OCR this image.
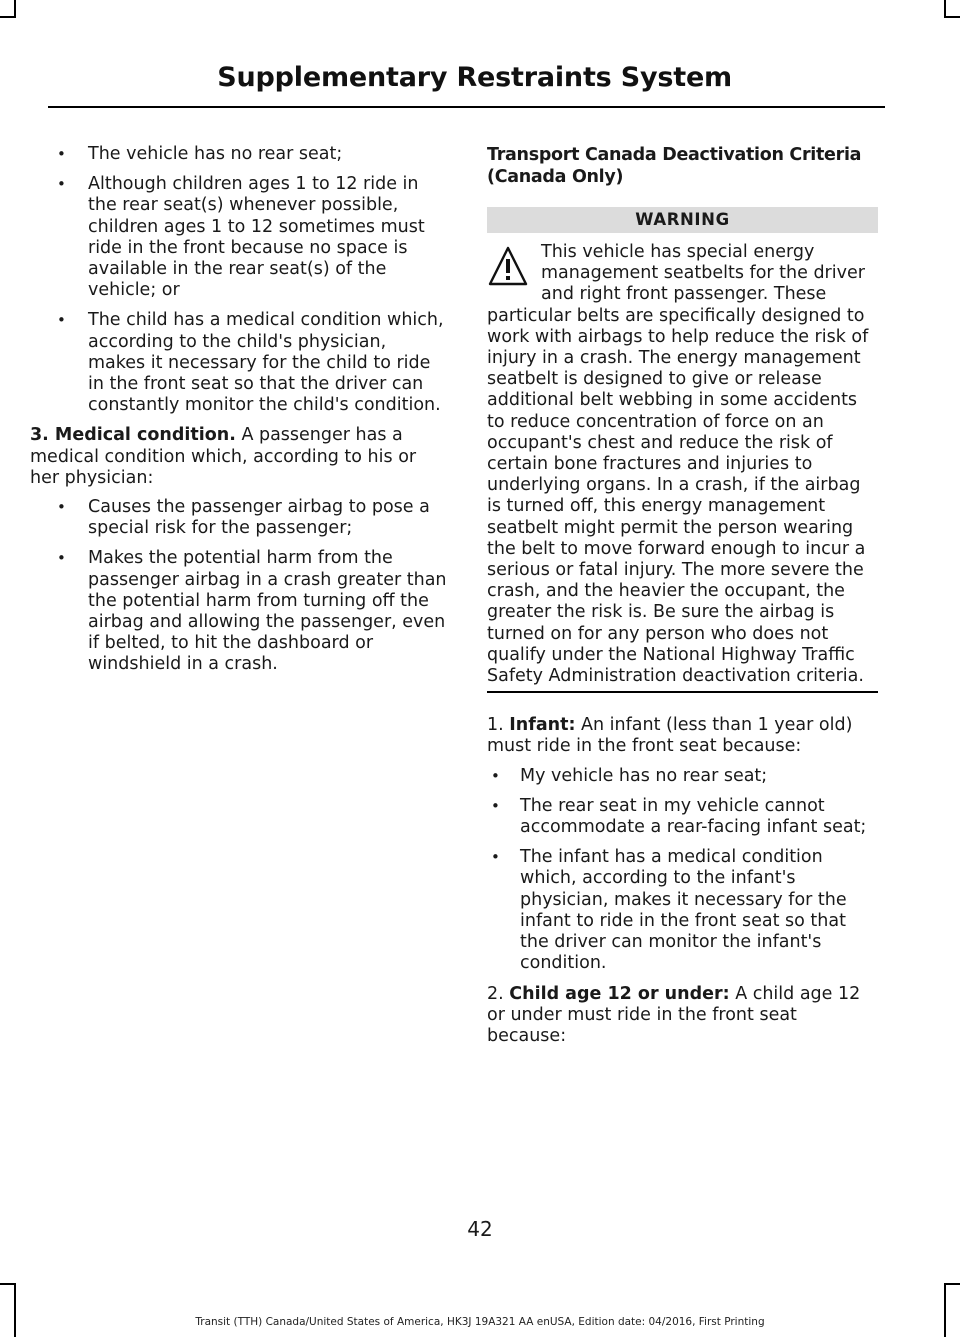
Supplementary Restraints System
• The vehicle has no rear seat;
• Although children ages 1 to 12 ride in the rear seat(s) whenever possible, children ages 1 to 12 sometimes must ride in the front because no space is available in the rear seat(s) of the vehicle; or
• The child has a medical condition which, according to the child's physician, makes it necessary for the child to ride in the front seat so that the driver can constantly monitor the child's condition.

3. Medical condition. A passenger has a medical condition which, according to his or her physician:

• Causes the passenger airbag to pose a special risk for the passenger;
• Makes the potential harm from the passenger airbag in a crash greater than the potential harm from turning off the airbag and allowing the passenger, even if belted, to hit the dashboard or windshield in a crash.
Transport Canada Deactivation Criteria (Canada Only)
WARNING

This vehicle has special energy management seatbelts for the driver and right front passenger. These particular belts are specifically designed to work with airbags to help reduce the risk of injury in a crash. The energy management seatbelt is designed to give or release additional belt webbing in some accidents to reduce concentration of force on an occupant's chest and reduce the risk of certain bone fractures and injuries to underlying organs. In a crash, if the airbag is turned off, this energy management seatbelt might permit the person wearing the belt to move forward enough to incur a serious or fatal injury. The more severe the crash, and the heavier the occupant, the greater the risk is. Be sure the airbag is turned on for any person who does not qualify under the National Highway Traffic Safety Administration deactivation criteria.

1. Infant: An infant (less than 1 year old) must ride in the front seat because:

• My vehicle has no rear seat;
• The rear seat in my vehicle cannot accommodate a rear-facing infant seat;
• The infant has a medical condition which, according to the infant's physician, makes it necessary for the infant to ride in the front seat so that the driver can monitor the infant's condition.

2. Child age 12 or under: A child age 12 or under must ride in the front seat because:

42
Transit (TTH) Canada/United States of America, HK3J 19A321 AA enUSA, Edition date: 04/2016, First Printing
